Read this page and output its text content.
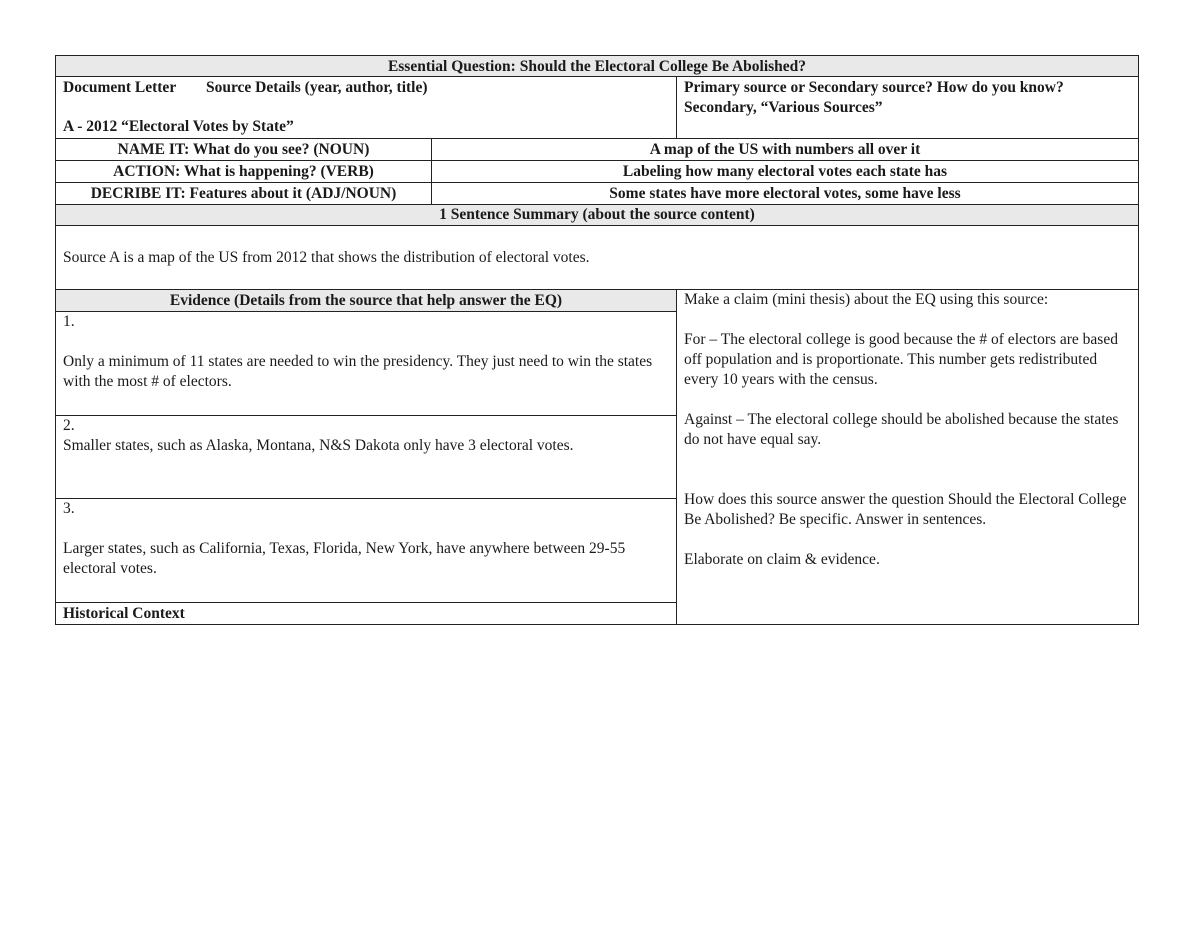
Essential Question: Should the Electoral College Be Abolished?
Document Letter Source Details (year, author, title)
A - 2012 “Electoral Votes by State”
Primary source or Secondary source? How do you know?
Secondary, “Various Sources”
NAME IT: What do you see? (NOUN)	A map of the US with numbers all over it
ACTION: What is happening? (VERB)	Labeling how many electoral votes each state has
DECRIBE IT: Features about it (ADJ/NOUN)	Some states have more electoral votes, some have less
1 Sentence Summary (about the source content)
Source A is a map of the US from 2012 that shows the distribution of electoral votes.
Evidence (Details from the source that help answer the EQ)
1.
Only a minimum of 11 states are needed to win the presidency. They just need to win the states with the most # of electors.
2.
Smaller states, such as Alaska, Montana, N&S Dakota only have 3 electoral votes.
3.
Larger states, such as California, Texas, Florida, New York, have anywhere between 29-55 electoral votes.
Historical Context
Make a claim (mini thesis) about the EQ using this source:
For – The electoral college is good because the # of electors are based off population and is proportionate. This number gets redistributed every 10 years with the census.
Against – The electoral college should be abolished because the states do not have equal say.
How does this source answer the question Should the Electoral College Be Abolished? Be specific. Answer in sentences.
Elaborate on claim & evidence.
